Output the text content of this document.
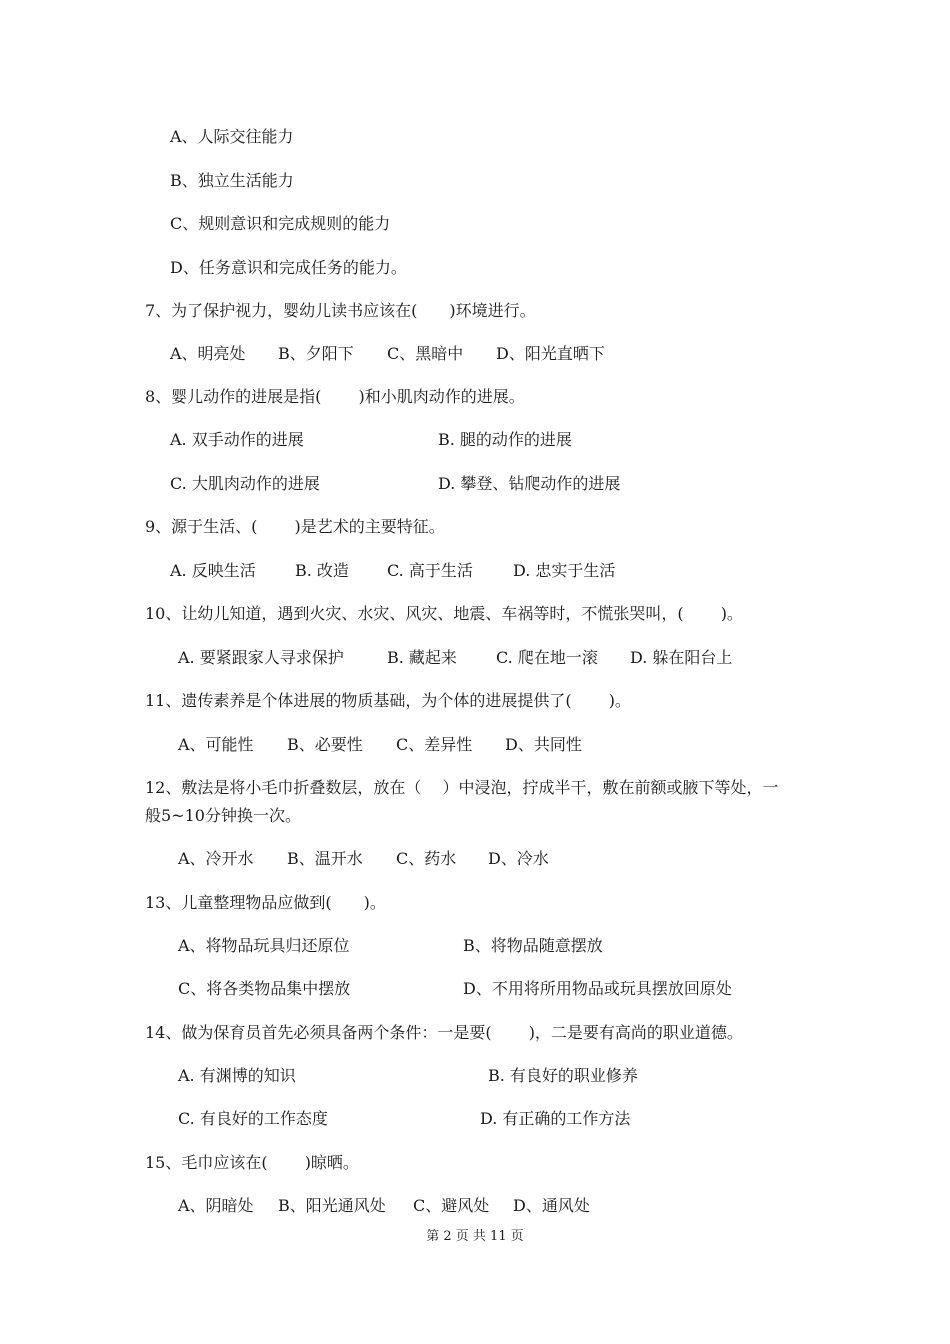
A、人际交往能力
B、独立生活能力
C、规则意识和完成规则的能力
D、任务意识和完成任务的能力。
7、为了保护视力，婴幼儿读书应该在(　　)环境进行。
A、明亮处 B、夕阳下 C、黑暗中 D、阳光直晒下
8、婴儿动作的进展是指(　　 )和小肌肉动作的进展。
A. 双手动作的进展	B. 腿的动作的进展
C. 大肌肉动作的进展	D. 攀登、钻爬动作的进展
9、源于生活、(　　 )是艺术的主要特征。
A. 反映生活 B. 改造 C. 高于生活	D. 忠实于生活
10、让幼儿知道，遇到火灾、水灾、风灾、地震、车祸等时，不慌张哭叫，(　　 )。
A. 要紧跟家人寻求保护	B. 藏起来 C. 爬在地一滚 D. 躲在阳台上
11、遗传素养是个体进展的物质基础，为个体的进展提供了(　　 )。
A、可能性 B、必要性 C、差异性 D、共同性
12、敷法是将小毛巾折叠数层，放在（　 ）中浸泡，拧成半干，敷在前额或腋下等处，一
般5~10分钟换一次。
A、冷开水 B、温开水 C、药水 D、冷水
13、儿童整理物品应做到(　　)。
A、将物品玩具归还原位	B、将物品随意摆放
C、将各类物品集中摆放	D、不用将所用物品或玩具摆放回原处
14、做为保育员首先必须具备两个条件：一是要(　　 )，二是要有高尚的职业道德。
A. 有渊博的知识	B. 有良好的职业修养
C. 有良好的工作态度	D. 有正确的工作方法
15、毛巾应该在(　　 )晾晒。
A、阴暗处 B、阳光通风处 C、避风处 D、通风处
第 2 页 共 11 页
